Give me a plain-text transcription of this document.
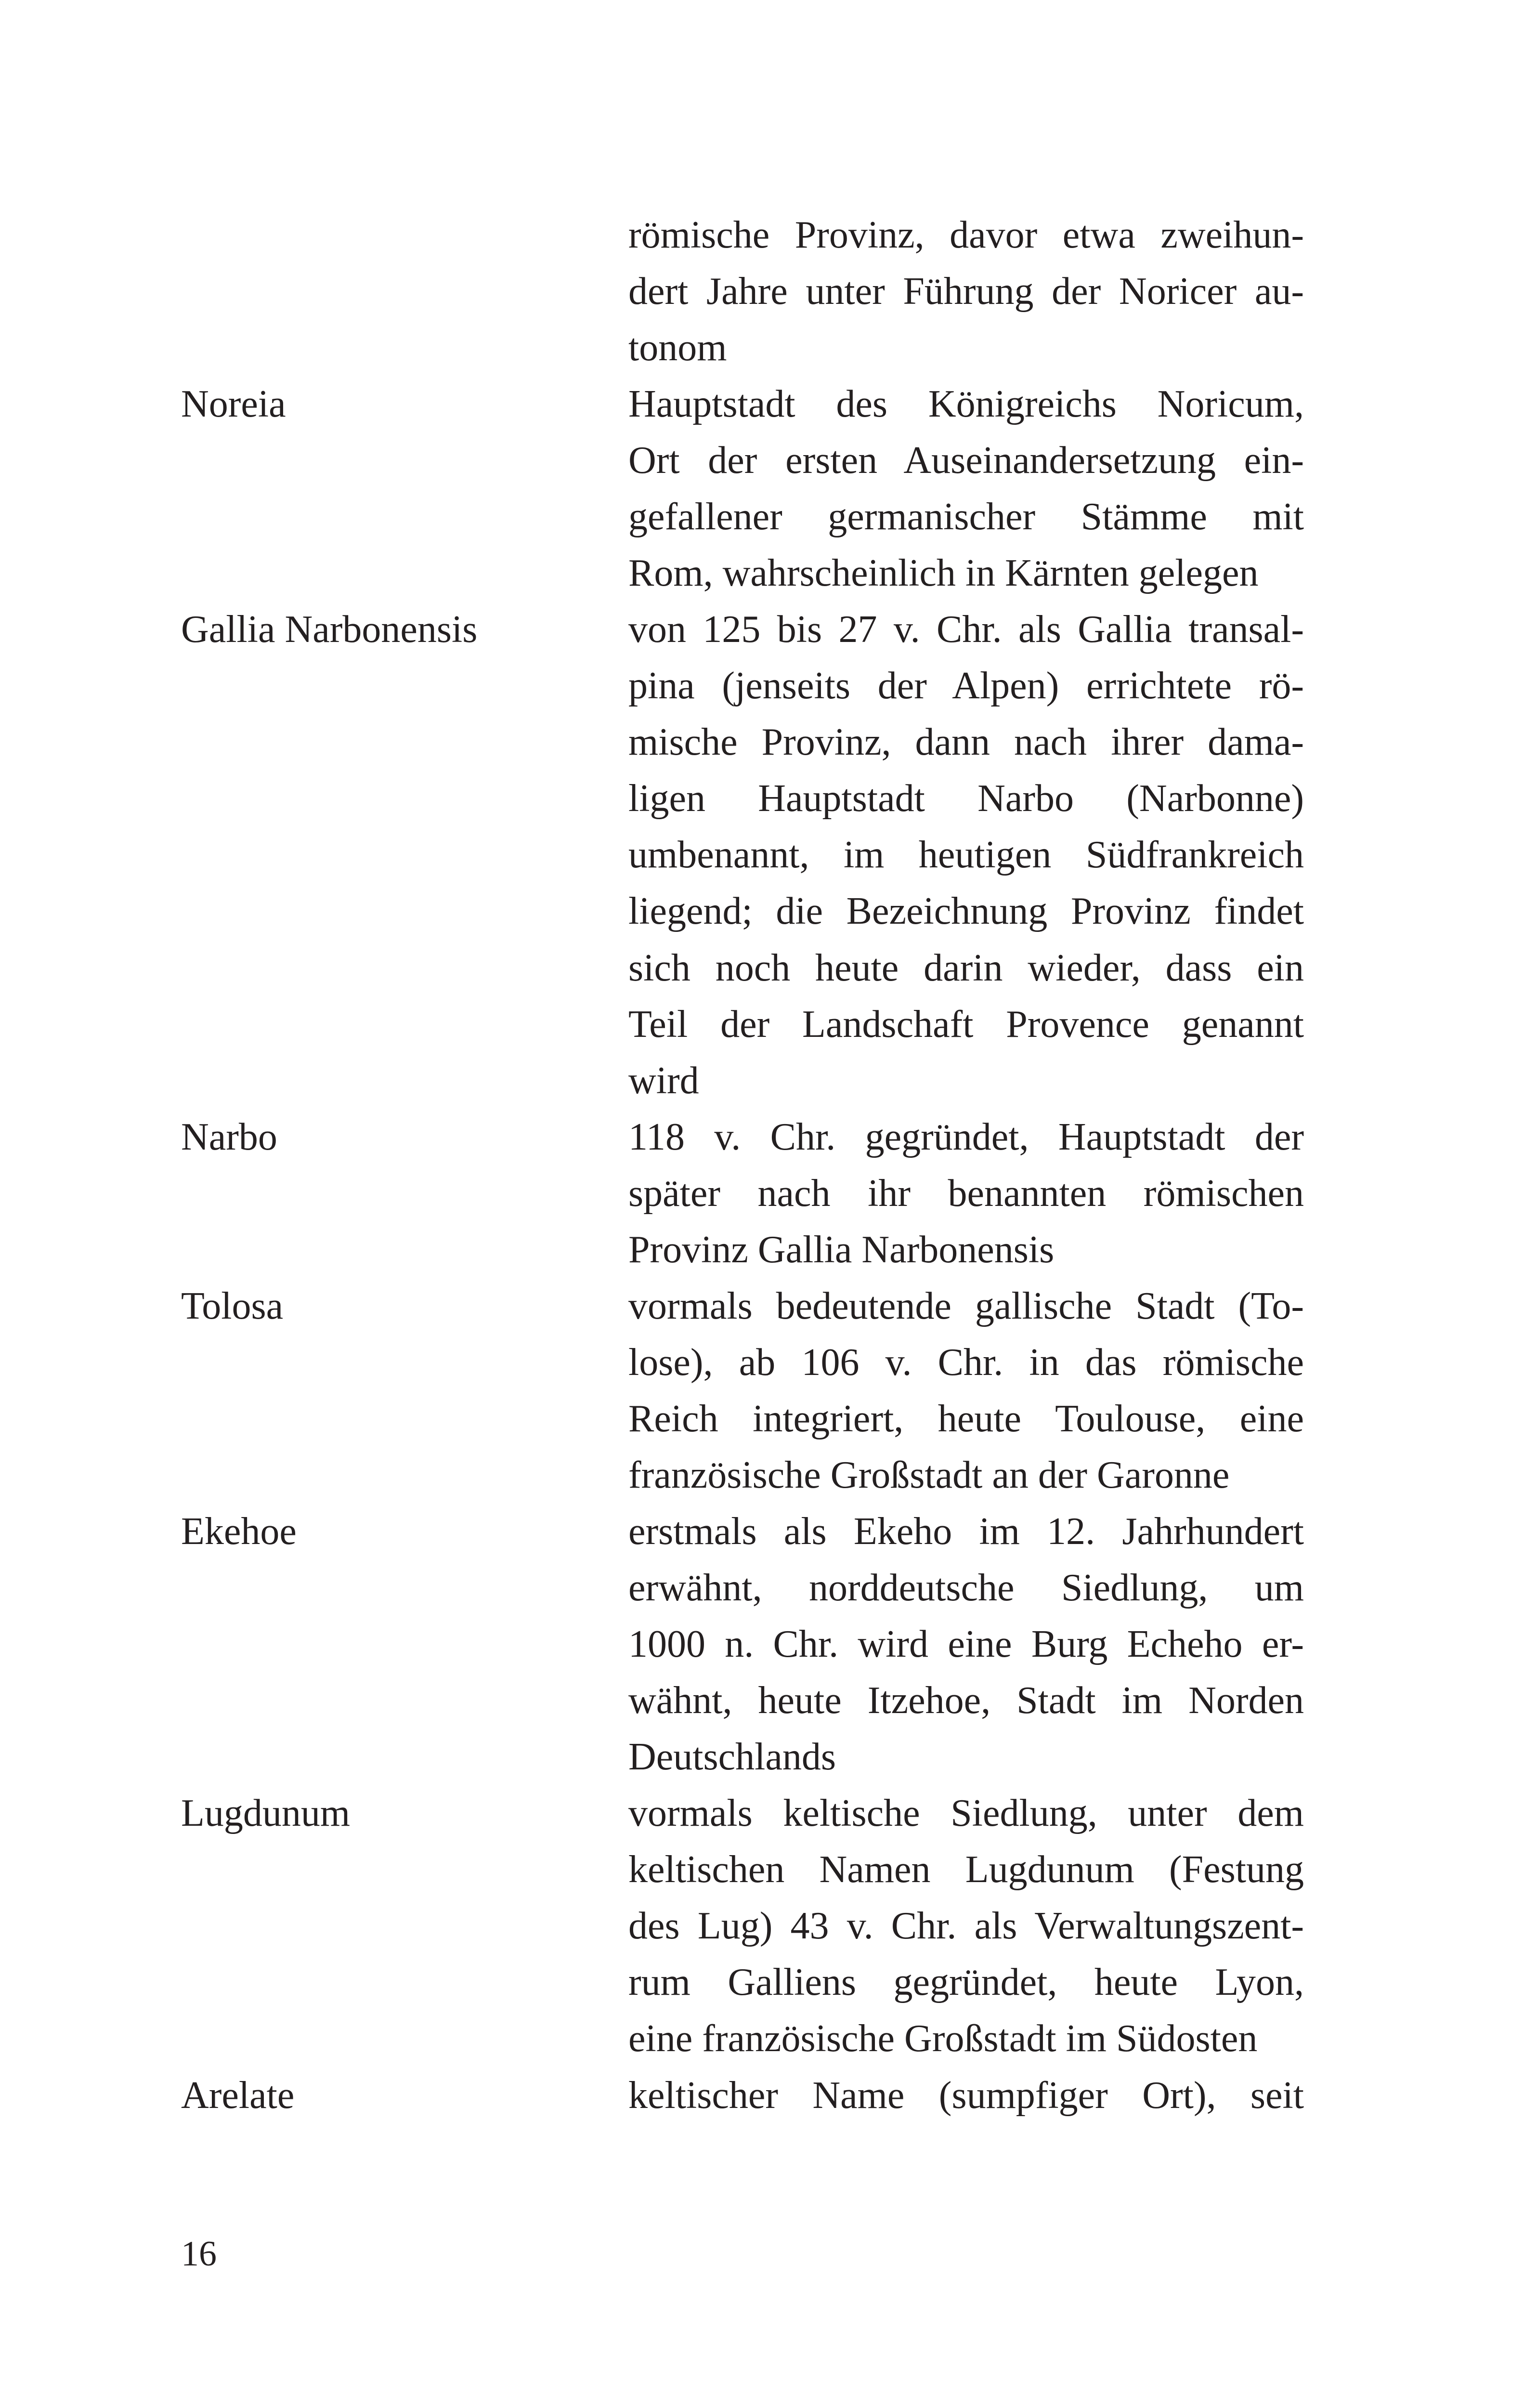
römische Provinz, davor etwa zweihun-
dert Jahre unter Führung der Noricer au-
tonom
Noreia	Hauptstadt des Königreichs Noricum,
Ort der ersten Auseinandersetzung ein-
gefallener germanischer Stämme mit
Rom, wahrscheinlich in Kärnten gelegen
Gallia Narbonensis	von 125 bis 27 v. Chr. als Gallia transal-
pina (jenseits der Alpen) errichtete rö-
mische Provinz, dann nach ihrer dama-
ligen Hauptstadt Narbo (Narbonne)
umbenannt, im heutigen Südfrankreich
liegend; die Bezeichnung Provinz findet
sich noch heute darin wieder, dass ein
Teil der Landschaft Provence genannt
wird
Narbo	118 v. Chr. gegründet, Hauptstadt der
später nach ihr benannten römischen
Provinz Gallia Narbonensis
Tolosa	vormals bedeutende gallische Stadt (To-
lose), ab 106 v. Chr. in das römische
Reich integriert, heute Toulouse, eine
französische Großstadt an der Garonne
Ekehoe	erstmals als Ekeho im 12. Jahrhundert
erwähnt, norddeutsche Siedlung, um
1000 n. Chr. wird eine Burg Echeho er-
wähnt, heute Itzehoe, Stadt im Norden
Deutschlands
Lugdunum	vormals keltische Siedlung, unter dem
keltischen Namen Lugdunum (Festung
des Lug) 43 v. Chr. als Verwaltungszent-
rum Galliens gegründet, heute Lyon,
eine französische Großstadt im Südosten
Arelate	keltischer Name (sumpfiger Ort), seit
16
